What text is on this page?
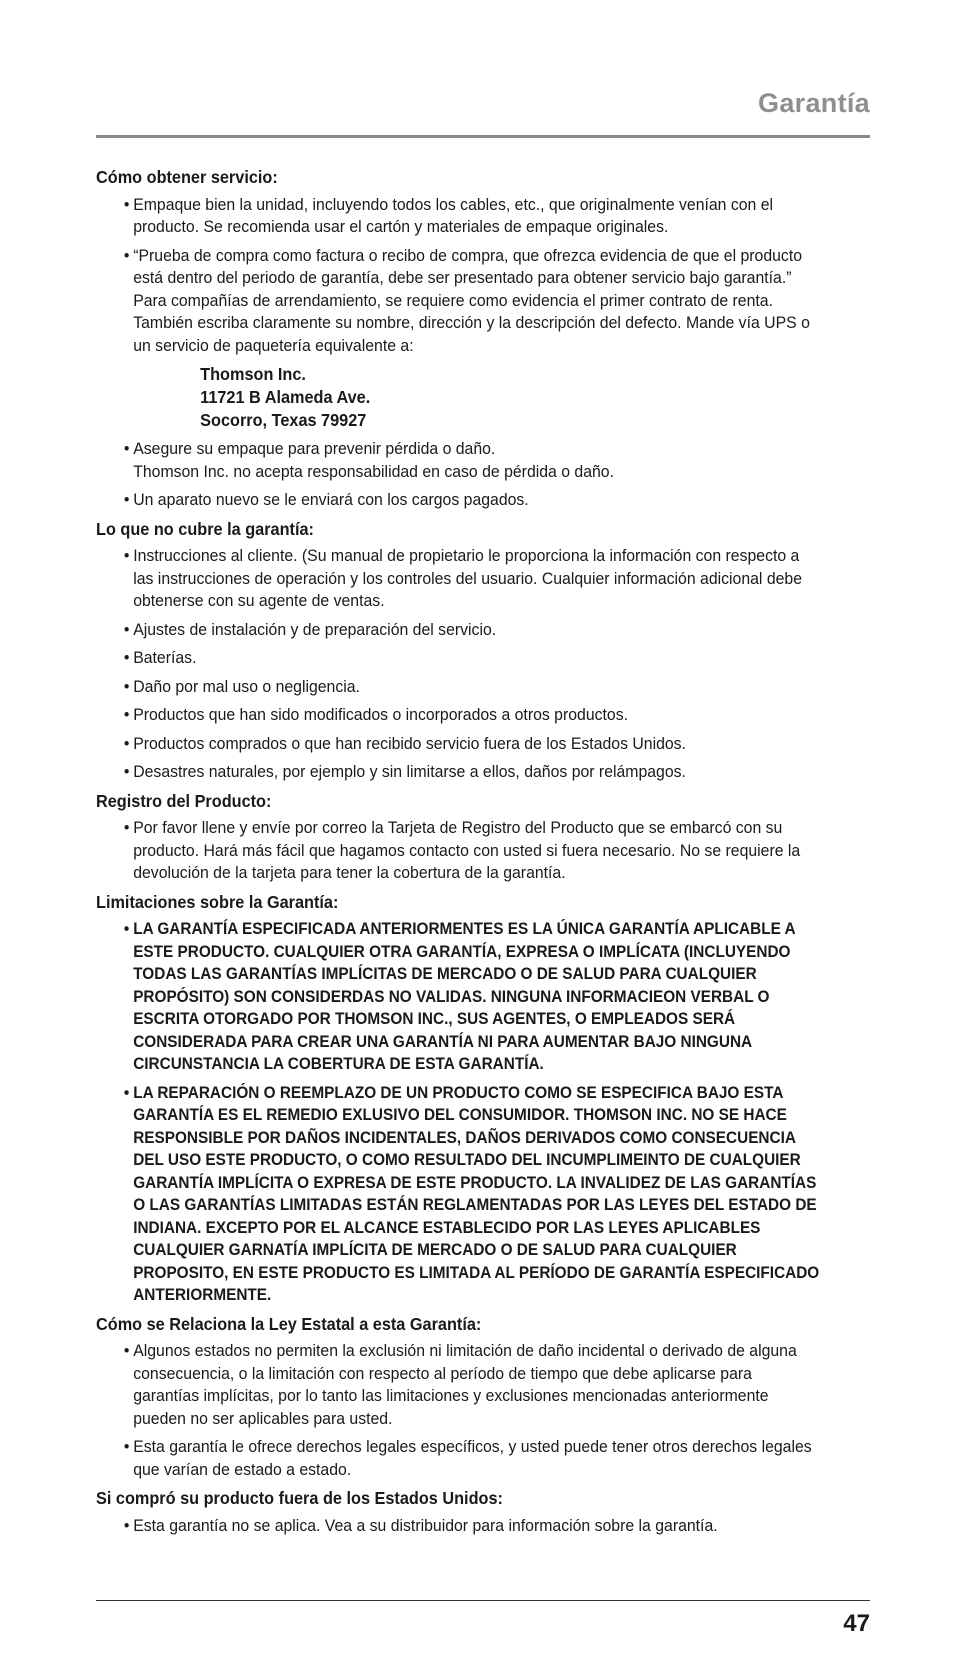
Garantía
Cómo obtener servicio:
• Empaque bien la unidad, incluyendo todos los cables, etc., que originalmente venían con el producto. Se recomienda usar el cartón y materiales de empaque originales.
• “Prueba de compra como factura o recibo de compra, que ofrezca evidencia de que el producto está dentro del periodo de garantía, debe ser presentado para obtener servicio bajo garantía.” Para compañías de arrendamiento, se requiere como evidencia el primer contrato de renta. También escriba claramente su nombre, dirección y la descripción del defecto. Mande vía UPS o un servicio de paquetería equivalente a:
Thomson Inc.
11721 B Alameda Ave.
Socorro, Texas 79927
• Asegure su empaque para prevenir pérdida o daño.
Thomson Inc. no acepta responsabilidad en caso de pérdida o daño.
• Un aparato nuevo se le enviará con los cargos pagados.
Lo que no cubre la garantía:
• Instrucciones al cliente. (Su manual de propietario le proporciona la información con respecto a las instrucciones de operación y los controles del usuario. Cualquier información adicional debe obtenerse con su agente de ventas.
• Ajustes de instalación y de preparación del servicio.
• Baterías.
• Daño por mal uso o negligencia.
• Productos que han sido modificados o incorporados a otros productos.
• Productos comprados o que han recibido servicio fuera de los Estados Unidos.
• Desastres naturales, por ejemplo y sin limitarse a ellos, daños por relámpagos.
Registro del Producto:
• Por favor llene y envíe por correo la Tarjeta de Registro del Producto que se embarcó con su producto. Hará más fácil que hagamos contacto con usted si fuera necesario. No se requiere la devolución de la tarjeta para tener la cobertura de la garantía.
Limitaciones sobre la Garantía:
• LA GARANTÍA ESPECIFICADA ANTERIORMENTES ES LA ÚNICA GARANTÍA APLICABLE A ESTE PRODUCTO. CUALQUIER OTRA GARANTÍA, EXPRESA O IMPLÍCATA (INCLUYENDO TODAS LAS GARANTÍAS IMPLÍCITAS DE MERCADO O DE SALUD PARA CUALQUIER PROPÓSITO) SON CONSIDERDAS NO VALIDAS. NINGUNA INFORMACIEON VERBAL O ESCRITA OTORGADO POR THOMSON INC., SUS AGENTES, O EMPLEADOS SERÁ CONSIDERADA PARA CREAR UNA GARANTÍA NI PARA AUMENTAR BAJO NINGUNA CIRCUNSTANCIA LA COBERTURA DE ESTA GARANTÍA.
• LA REPARACIÓN O REEMPLAZO DE UN PRODUCTO COMO SE ESPECIFICA BAJO ESTA GARANTÍA ES EL REMEDIO EXLUSIVO DEL CONSUMIDOR. THOMSON INC. NO SE HACE RESPONSIBLE POR DAÑOS INCIDENTALES, DAÑOS DERIVADOS COMO CONSECUENCIA DEL USO ESTE PRODUCTO, O COMO RESULTADO DEL INCUMPLIMEINTO DE CUALQUIER GARANTÍA IMPLÍCITA O EXPRESA DE ESTE PRODUCTO. LA INVALIDEZ DE LAS GARANTÍAS O LAS GARANTÍAS LIMITADAS ESTÁN REGLAMENTADAS POR LAS LEYES DEL ESTADO DE INDIANA. EXCEPTO POR EL ALCANCE ESTABLECIDO POR LAS LEYES APLICABLES CUALQUIER GARNATÍA IMPLÍCITA DE MERCADO O DE SALUD PARA CUALQUIER PROPOSITO, EN ESTE PRODUCTO ES LIMITADA AL PERÍODO DE GARANTÍA ESPECIFICADO ANTERIORMENTE.
Cómo se Relaciona la Ley Estatal a esta Garantía:
• Algunos estados no permiten la exclusión ni limitación de daño incidental o derivado de alguna consecuencia, o la limitación con respecto al período de tiempo que debe aplicarse para garantías implícitas, por lo tanto las limitaciones y exclusiones mencionadas anteriormente pueden no ser aplicables para usted.
• Esta garantía le ofrece derechos legales específicos, y usted puede tener otros derechos legales que varían de estado a estado.
Si compró su producto fuera de los Estados Unidos:
• Esta garantía no se aplica. Vea a su distribuidor para información sobre la garantía.
47
